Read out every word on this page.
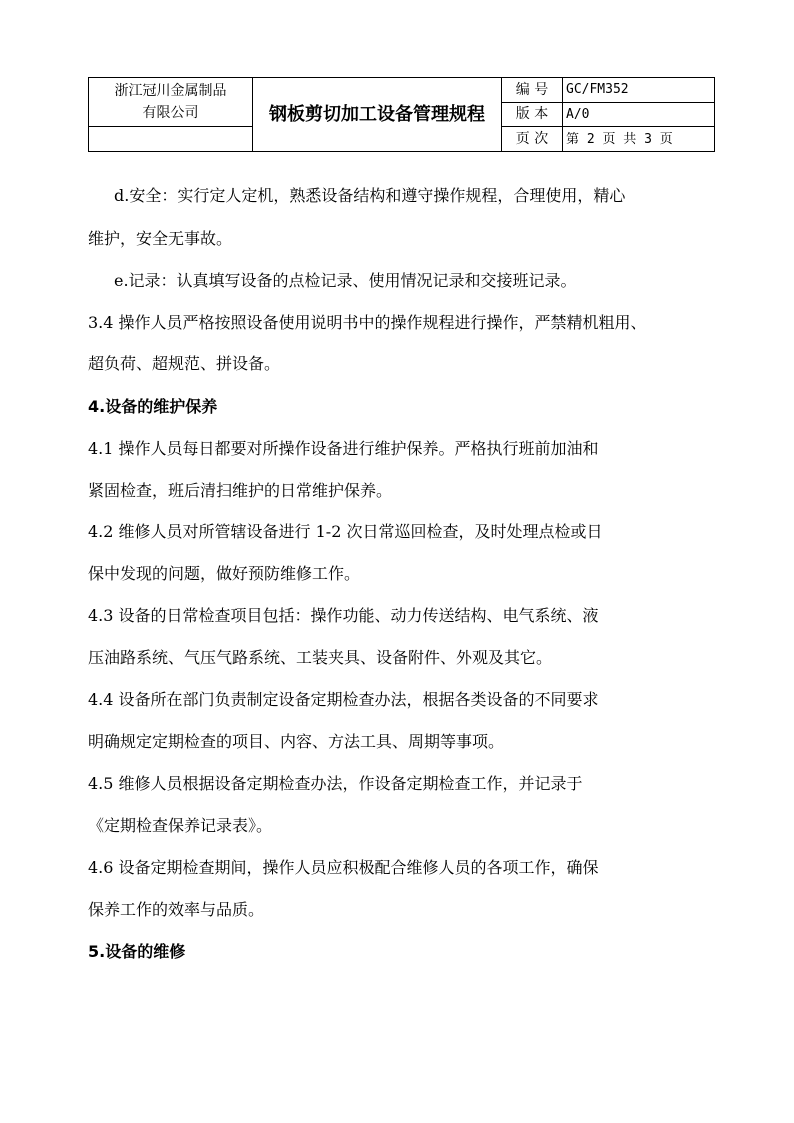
浙江冠川金属制品
有限公司	钢板剪切加工设备管理规程	编 号	GC/FM352
		版 本	A/0
		页 次	第 2 页 共 3 页
d.安全：实行定人定机，熟悉设备结构和遵守操作规程，合理使用，精心
维护，安全无事故。
e.记录：认真填写设备的点检记录、使用情况记录和交接班记录。
3.4 操作人员严格按照设备使用说明书中的操作规程进行操作，严禁精机粗用、
超负荷、超规范、拼设备。
4.设备的维护保养
4.1 操作人员每日都要对所操作设备进行维护保养。严格执行班前加油和
紧固检查，班后清扫维护的日常维护保养。
4.2 维修人员对所管辖设备进行 1-2 次日常巡回检查，及时处理点检或日
保中发现的问题，做好预防维修工作。
4.3 设备的日常检查项目包括：操作功能、动力传送结构、电气系统、液
压油路系统、气压气路系统、工装夹具、设备附件、外观及其它。
4.4 设备所在部门负责制定设备定期检查办法，根据各类设备的不同要求
明确规定定期检查的项目、内容、方法工具、周期等事项。
4.5 维修人员根据设备定期检查办法，作设备定期检查工作，并记录于
《定期检查保养记录表》。
4.6 设备定期检查期间，操作人员应积极配合维修人员的各项工作，确保
保养工作的效率与品质。
5.设备的维修
